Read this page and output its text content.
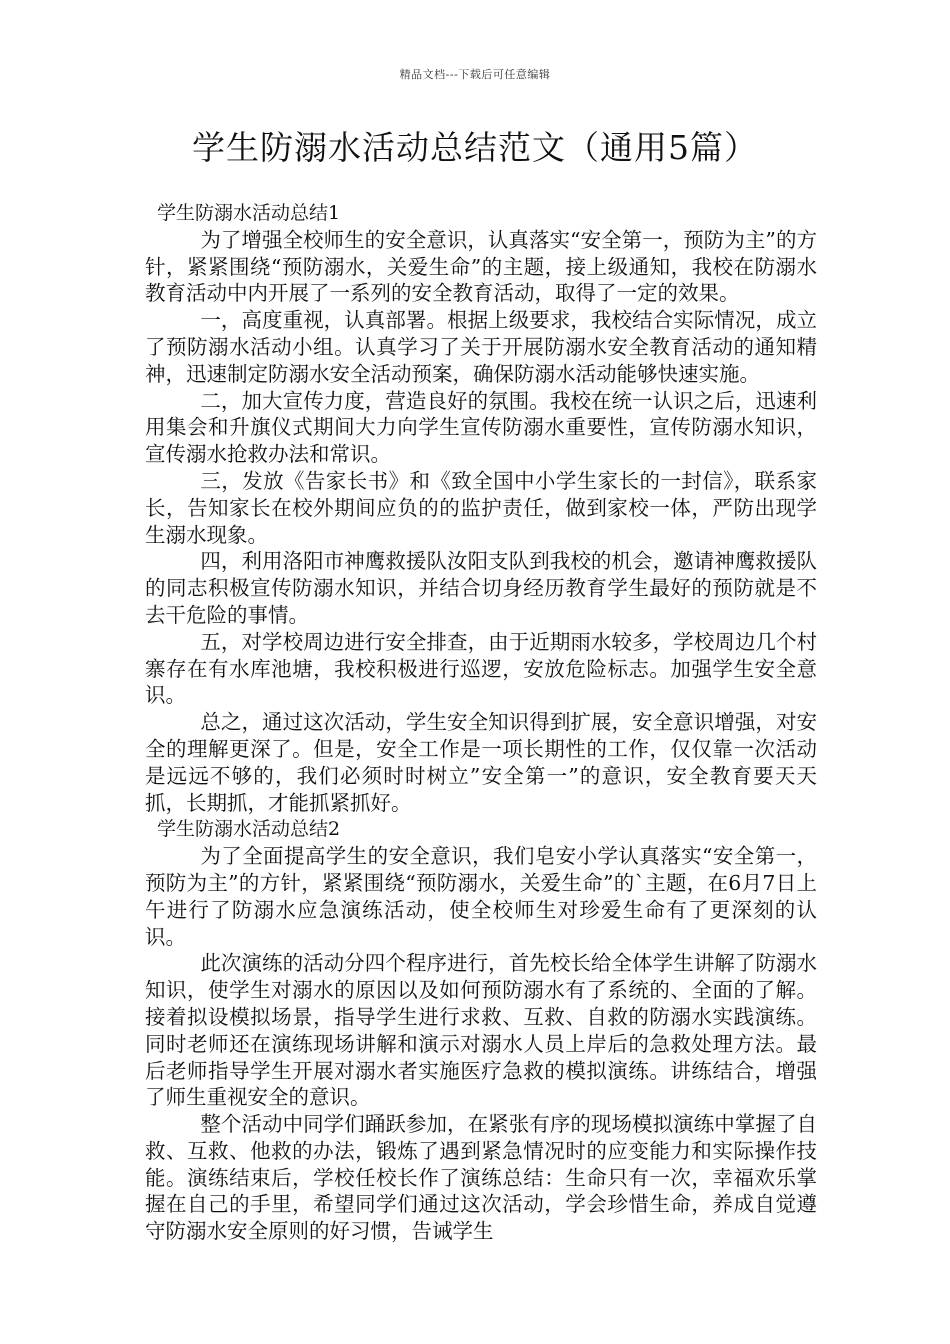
精品文档---下载后可任意编辑
学生防溺水活动总结范文（通用5篇）

学生防溺水活动总结1

为了增强全校师生的安全意识，认真落实“安全第一，预防为主”的方针，紧紧围绕“预防溺水，关爱生命”的主题，接上级通知，我校在防溺水教育活动中内开展了一系列的安全教育活动，取得了一定的效果。

一，高度重视，认真部署。根据上级要求，我校结合实际情况，成立了预防溺水活动小组。认真学习了关于开展防溺水安全教育活动的通知精神，迅速制定防溺水安全活动预案，确保防溺水活动能够快速实施。

二，加大宣传力度，营造良好的氛围。我校在统一认识之后，迅速利用集会和升旗仪式期间大力向学生宣传防溺水重要性，宣传防溺水知识，宣传溺水抢救办法和常识。

三，发放《告家长书》和《致全国中小学生家长的一封信》，联系家长，告知家长在校外期间应负的的监护责任，做到家校一体，严防出现学生溺水现象。

四，利用洛阳市神鹰救援队汝阳支队到我校的机会，邀请神鹰救援队的同志积极宣传防溺水知识，并结合切身经历教育学生最好的预防就是不去干危险的事情。

五，对学校周边进行安全排查，由于近期雨水较多，学校周边几个村寨存在有水库池塘，我校积极进行巡逻，安放危险标志。加强学生安全意识。

总之，通过这次活动，学生安全知识得到扩展，安全意识增强，对安全的理解更深了。但是，安全工作是一项长期性的工作，仅仅靠一次活动是远远不够的，我们必须时时树立”安全第一”的意识，安全教育要天天抓，长期抓，才能抓紧抓好。

学生防溺水活动总结2

为了全面提高学生的安全意识，我们皂安小学认真落实“安全第一，预防为主”的方针，紧紧围绕“预防溺水，关爱生命”的`主题，在6月7日上午进行了防溺水应急演练活动，使全校师生对珍爱生命有了更深刻的认识。

此次演练的活动分四个程序进行，首先校长给全体学生讲解了防溺水知识，使学生对溺水的原因以及如何预防溺水有了系统的、全面的了解。接着拟设模拟场景，指导学生进行求救、互救、自救的防溺水实践演练。同时老师还在演练现场讲解和演示对溺水人员上岸后的急救处理方法。最后老师指导学生开展对溺水者实施医疗急救的模拟演练。讲练结合，增强了师生重视安全的意识。

整个活动中同学们踊跃参加，在紧张有序的现场模拟演练中掌握了自救、互救、他救的办法，锻炼了遇到紧急情况时的应变能力和实际操作技能。演练结束后，学校任校长作了演练总结：生命只有一次，幸福欢乐掌握在自己的手里，希望同学们通过这次活动，学会珍惜生命，养成自觉遵守防溺水安全原则的好习惯，告诫学生
